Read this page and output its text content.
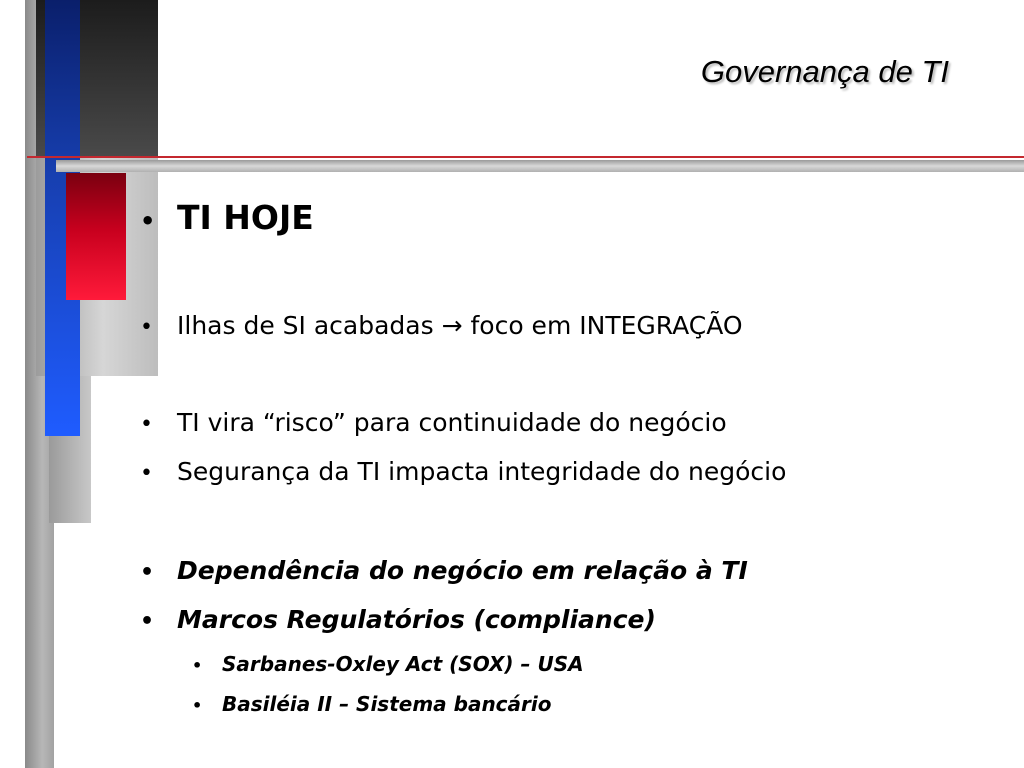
Governança de TI
• TI HOJE
• Ilhas de SI acabadas → foco em INTEGRAÇÃO
• TI vira “risco” para continuidade do negócio
• Segurança da TI impacta integridade do negócio
• Dependência do negócio em relação à TI
• Marcos Regulatórios (compliance)
• Sarbanes-Oxley Act (SOX) – USA
• Basiléia II – Sistema bancário
